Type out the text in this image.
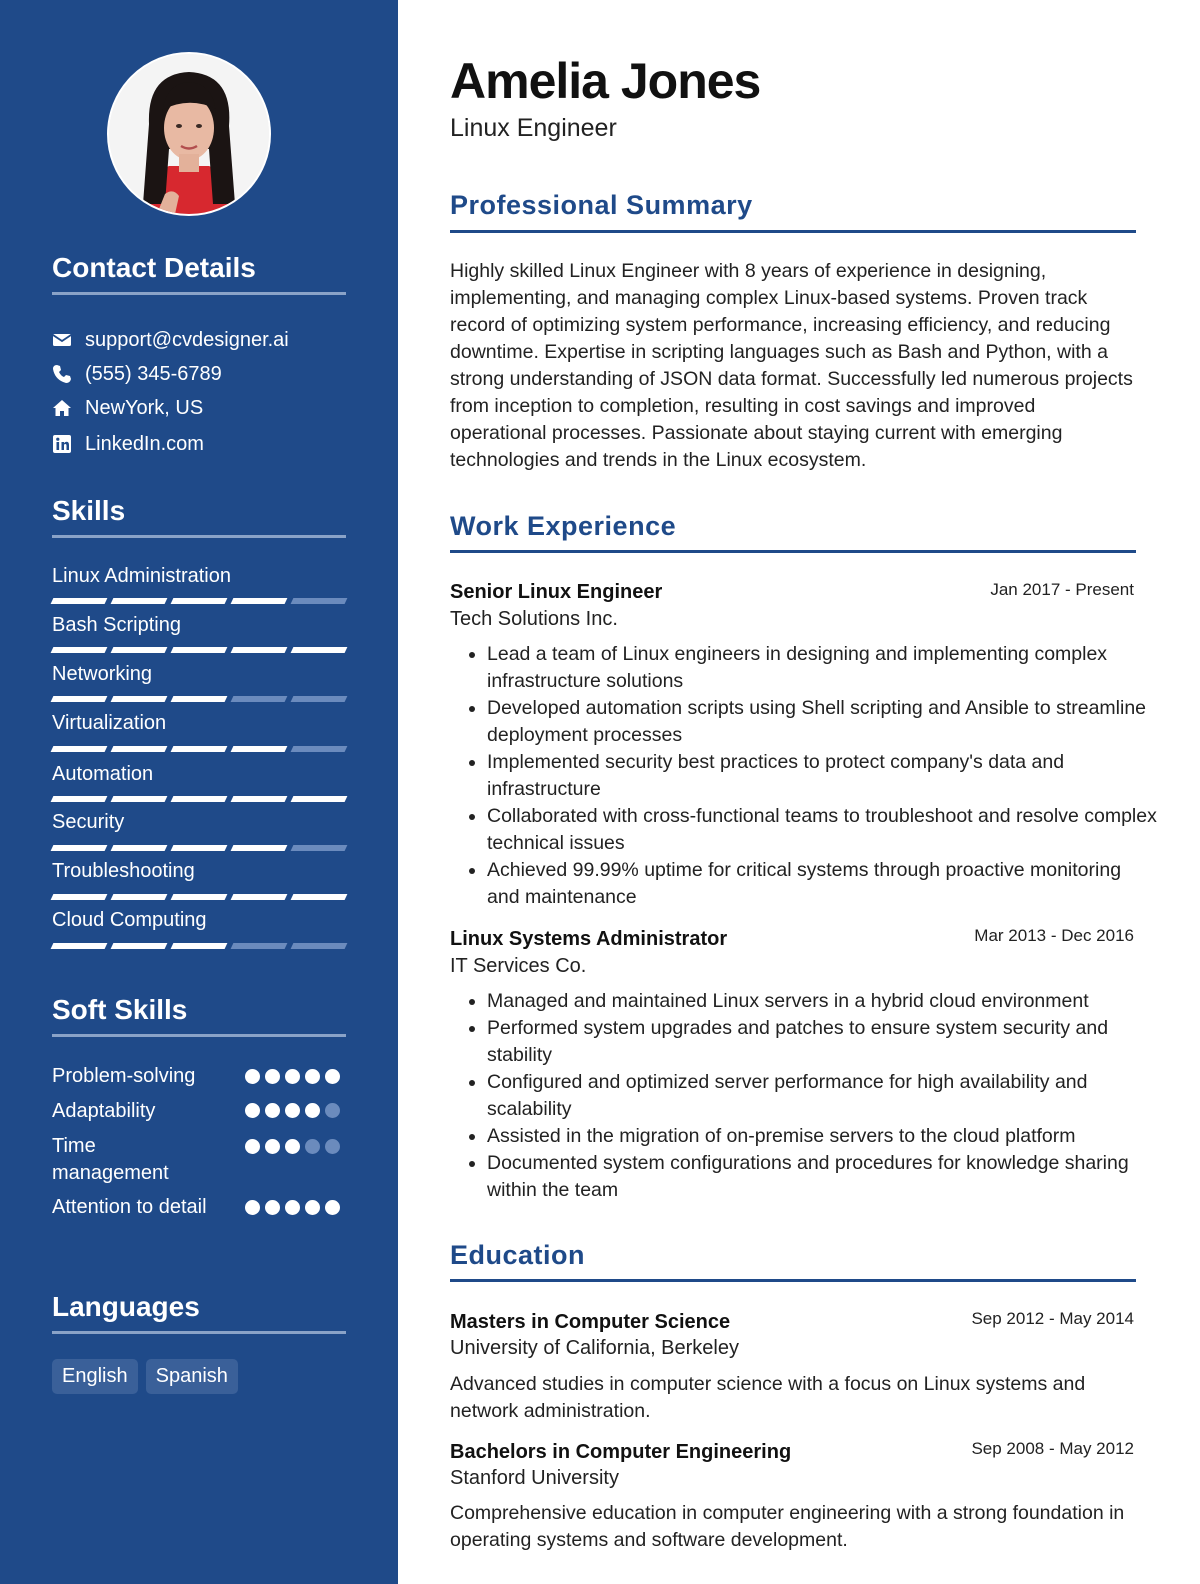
Contact Details
support@cvdesigner.ai
(555) 345-6789
NewYork, US
LinkedIn.com
Skills
Linux Administration
Bash Scripting
Networking
Virtualization
Automation
Security
Troubleshooting
Cloud Computing
Soft Skills
Problem-solving
Adaptability
Time management
Attention to detail
Languages
English	Spanish
Amelia Jones
Linux Engineer
Professional Summary

Highly skilled Linux Engineer with 8 years of experience in designing, implementing, and managing complex Linux-based systems. Proven track record of optimizing system performance, increasing efficiency, and reducing downtime. Expertise in scripting languages such as Bash and Python, with a strong understanding of JSON data format. Successfully led numerous projects from inception to completion, resulting in cost savings and improved operational processes. Passionate about staying current with emerging technologies and trends in the Linux ecosystem.

Work Experience
Senior Linux Engineer	Jan 2017 - Present
Tech Solutions Inc.
• Lead a team of Linux engineers in designing and implementing complex infrastructure solutions
• Developed automation scripts using Shell scripting and Ansible to streamline deployment processes
• Implemented security best practices to protect company's data and infrastructure
• Collaborated with cross-functional teams to troubleshoot and resolve complex technical issues
• Achieved 99.99% uptime for critical systems through proactive monitoring and maintenance
Linux Systems Administrator	Mar 2013 - Dec 2016
IT Services Co.
• Managed and maintained Linux servers in a hybrid cloud environment
• Performed system upgrades and patches to ensure system security and stability
• Configured and optimized server performance for high availability and scalability
• Assisted in the migration of on-premise servers to the cloud platform
• Documented system configurations and procedures for knowledge sharing within the team
Education
Masters in Computer Science	Sep 2012 - May 2014
University of California, Berkeley

Advanced studies in computer science with a focus on Linux systems and network administration.

Bachelors in Computer Engineering	Sep 2008 - May 2012
Stanford University

Comprehensive education in computer engineering with a strong foundation in operating systems and software development.
